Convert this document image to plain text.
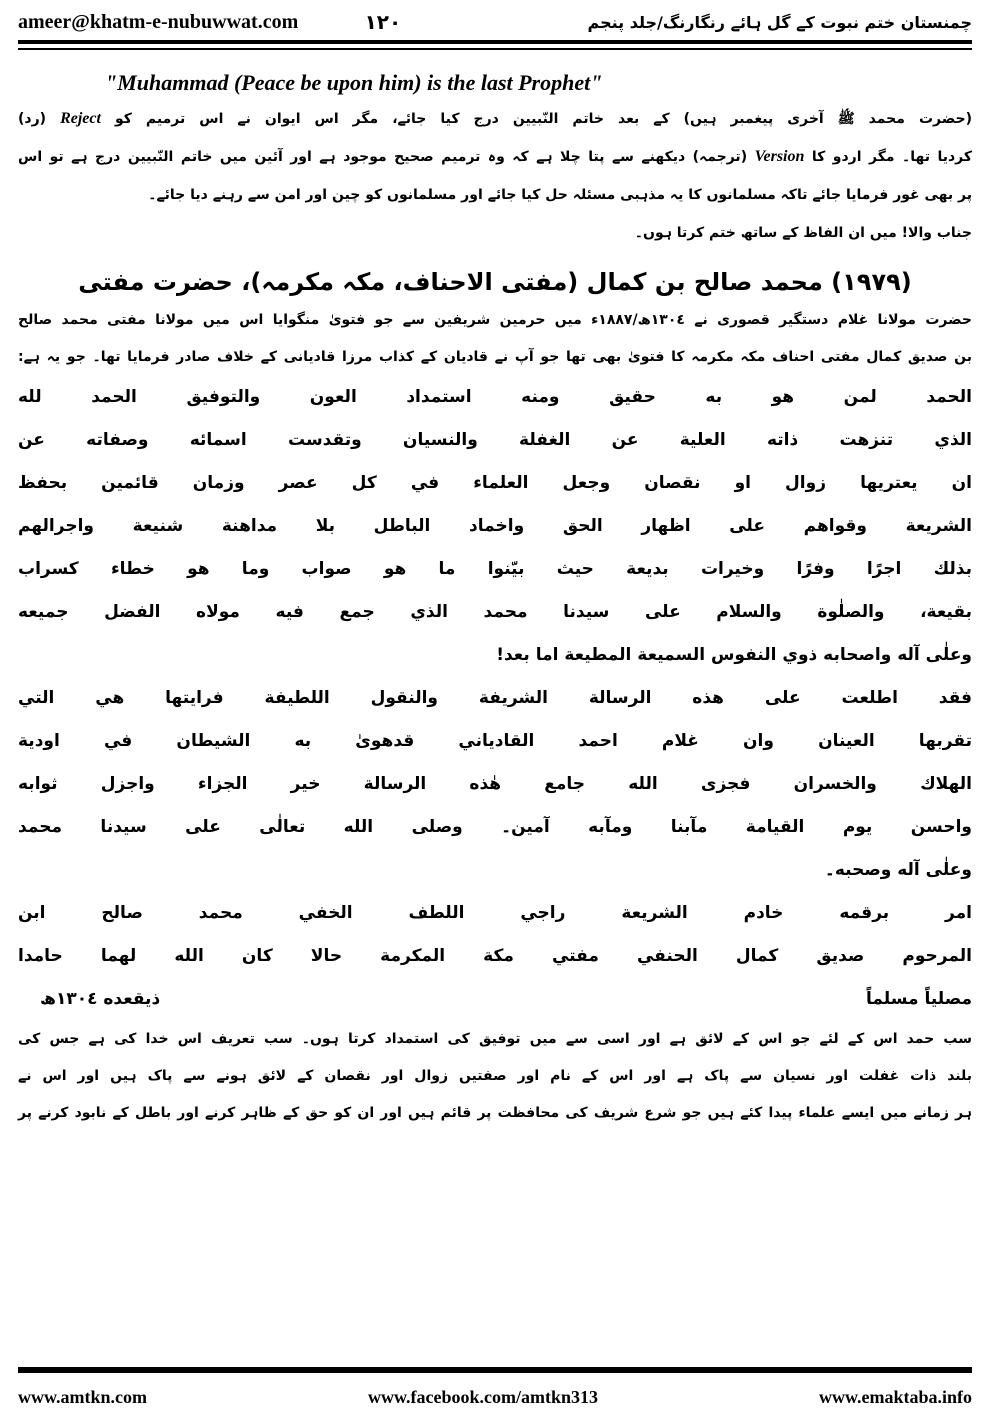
ameer@khatm-e-nubuwwat.com	١٢٠	چمنستان ختم نبوت کے گل ہائے رنگارنگ/جلد پنجم
"Muhammad (Peace be upon him) is the last Prophet"
(حضرت محمد ﷺ آخری پیغمبر ہیں) کے بعد خاتم النّبیین درج کیا جائے، مگر اس ایوان نے اس ترمیم کو Reject (رد)
کردیا تھا۔ مگر اردو کا Version (ترجمہ) دیکھنے سے پتا چلا ہے کہ وہ ترمیم صحیح موجود ہے اور آئین میں خاتم النّبیین درج ہے تو اس
پر بھی غور فرمایا جائے تاکہ مسلمانوں کا یہ مذہبی مسئلہ حل کیا جائے اور مسلمانوں کو چین اور امن سے رہنے دیا جائے۔
جناب والا! میں ان الفاظ کے ساتھ ختم کرتا ہوں۔
(١٩٧٩) محمد صالح بن کمال (مفتی الاحناف، مکہ مکرمہ)، حضرت مفتی
حضرت مولانا غلام دستگیر قصوری نے ١٣٠٤ھ/١٨٨٧ء میں حرمین شریفین سے جو فتویٰ منگوایا اس میں مولانا مفتی محمد صالح
بن صدیق کمال مفتی احناف مکہ مکرمہ کا فتویٰ بھی تھا جو آپ نے قادیان کے کذاب مرزا قادیانی کے خلاف صادر فرمایا تھا۔ جو یہ ہے:
الحمد لمن هو به حقيق ومنه استمداد العون والتوفيق الحمد لله
الذي تنزهت ذاته العلية عن الغفلة والنسيان وتقدست اسمائه وصفاته عن
ان يعتريها زوال او نقصان وجعل العلماء في كل عصر وزمان قائمين بحفظ
الشريعة وقواهم على اظهار الحق واخماد الباطل بلا مداهنة شنيعة واجرالهم
بذلك اجرًا وفرًا وخيرات بديعة حيث بيّنوا ما هو صواب وما هو خطاء كسراب
بقيعة، والصلٰوة والسلام على سيدنا محمد الذي جمع فيه مولاه الفضل جميعه
وعلٰى آله واصحابه ذوي النفوس السميعة المطيعة اما بعد!
فقد اطلعت على هذه الرسالة الشريفة والنقول اللطيفة فرايتها هي التي
تقربها العينان وان غلام احمد القادياني قدهوىٰ به الشيطان في اودية
الهلاك والخسران فجزى الله جامع هٰذه الرسالة خير الجزاء واجزل ثوابه
واحسن يوم القيامة مآبنا ومآبه آمين۔ وصلى الله تعالٰى على سيدنا محمد
وعلٰى آله وصحبه۔
امر برقمه خادم الشريعة راجي اللطف الخفي محمد صالح ابن
المرحوم صديق كمال الحنفي مفتي مكة المكرمة حالا كان الله لهما حامدا
مصلياً مسلماً
ذيقعده ١٣٠٤ھ
سب حمد اس کے لئے جو اس کے لائق ہے اور اسی سے میں توفیق کی استمداد کرتا ہوں۔ سب تعریف اس خدا کی ہے جس کی
بلند ذات غفلت اور نسیان سے پاک ہے اور اس کے نام اور صفتیں زوال اور نقصان کے لائق ہونے سے پاک ہیں اور اس نے
ہر زمانے میں ایسے علماء پیدا کئے ہیں جو شرع شریف کی محافظت پر قائم ہیں اور ان کو حق کے ظاہر کرنے اور باطل کے نابود کرنے پر
www.amtkn.com	www.facebook.com/amtkn313	www.emaktaba.info
